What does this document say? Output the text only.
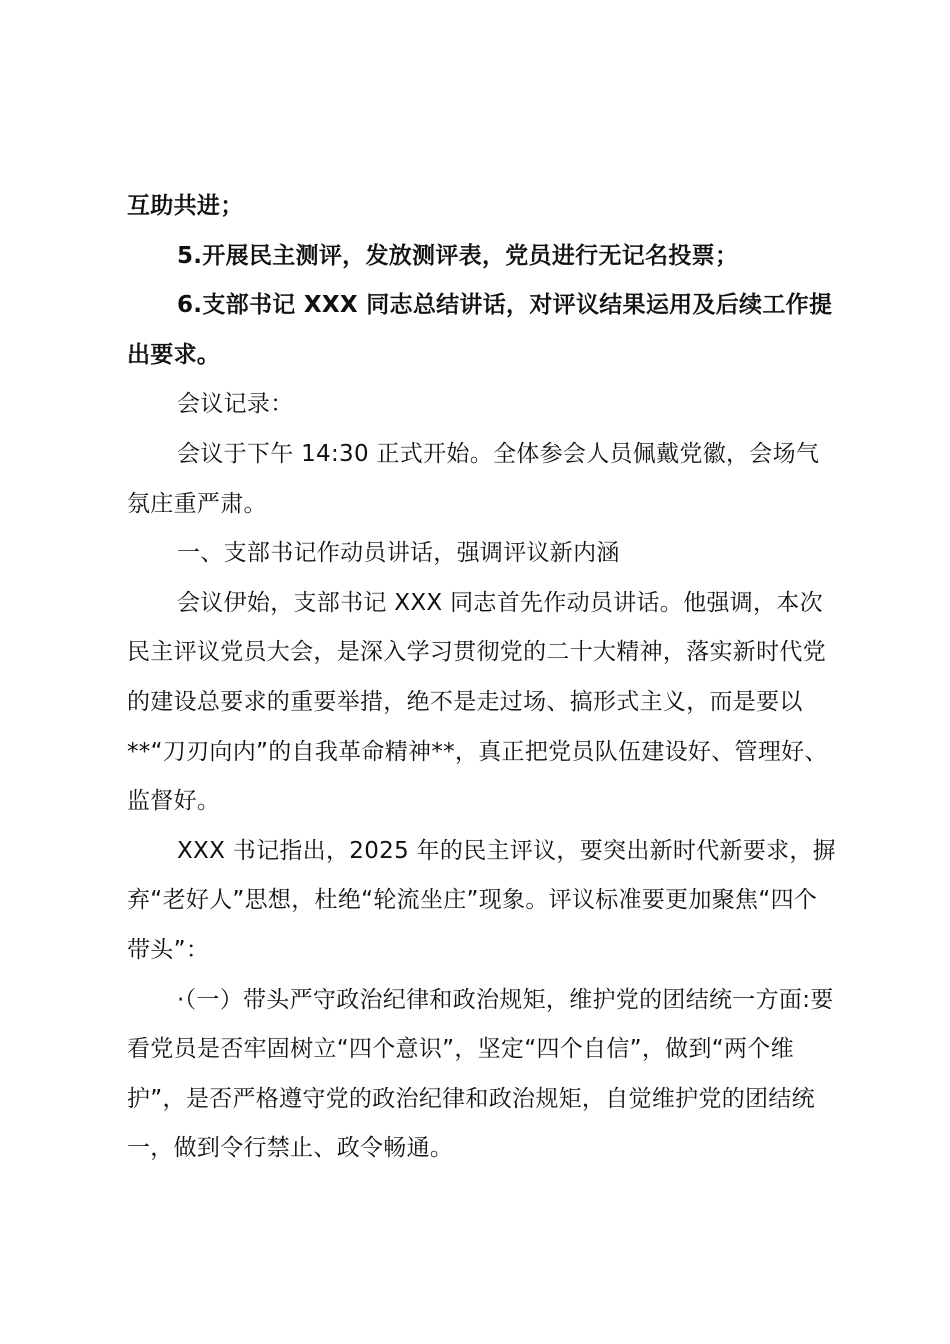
互助共进；

5.开展民主测评，发放测评表，党员进行无记名投票；

6.支部书记 XXX 同志总结讲话，对评议结果运用及后续工作提出要求。

会议记录：

会议于下午 14:30 正式开始。全体参会人员佩戴党徽，会场气氛庄重严肃。

一、支部书记作动员讲话，强调评议新内涵

会议伊始，支部书记 XXX 同志首先作动员讲话。他强调，本次民主评议党员大会，是深入学习贯彻党的二十大精神，落实新时代党的建设总要求的重要举措，绝不是走过场、搞形式主义，而是要以**“刀刃向内”的自我革命精神**，真正把党员队伍建设好、管理好、监督好。

XXX 书记指出，2025 年的民主评议，要突出新时代新要求，摒弃“老好人”思想，杜绝“轮流坐庄”现象。评议标准要更加聚焦“四个带头”：

·（一）带头严守政治纪律和政治规矩，维护党的团结统一方面:要看党员是否牢固树立“四个意识”，坚定“四个自信”，做到“两个维护”，是否严格遵守党的政治纪律和政治规矩，自觉维护党的团结统一，做到令行禁止、政令畅通。
